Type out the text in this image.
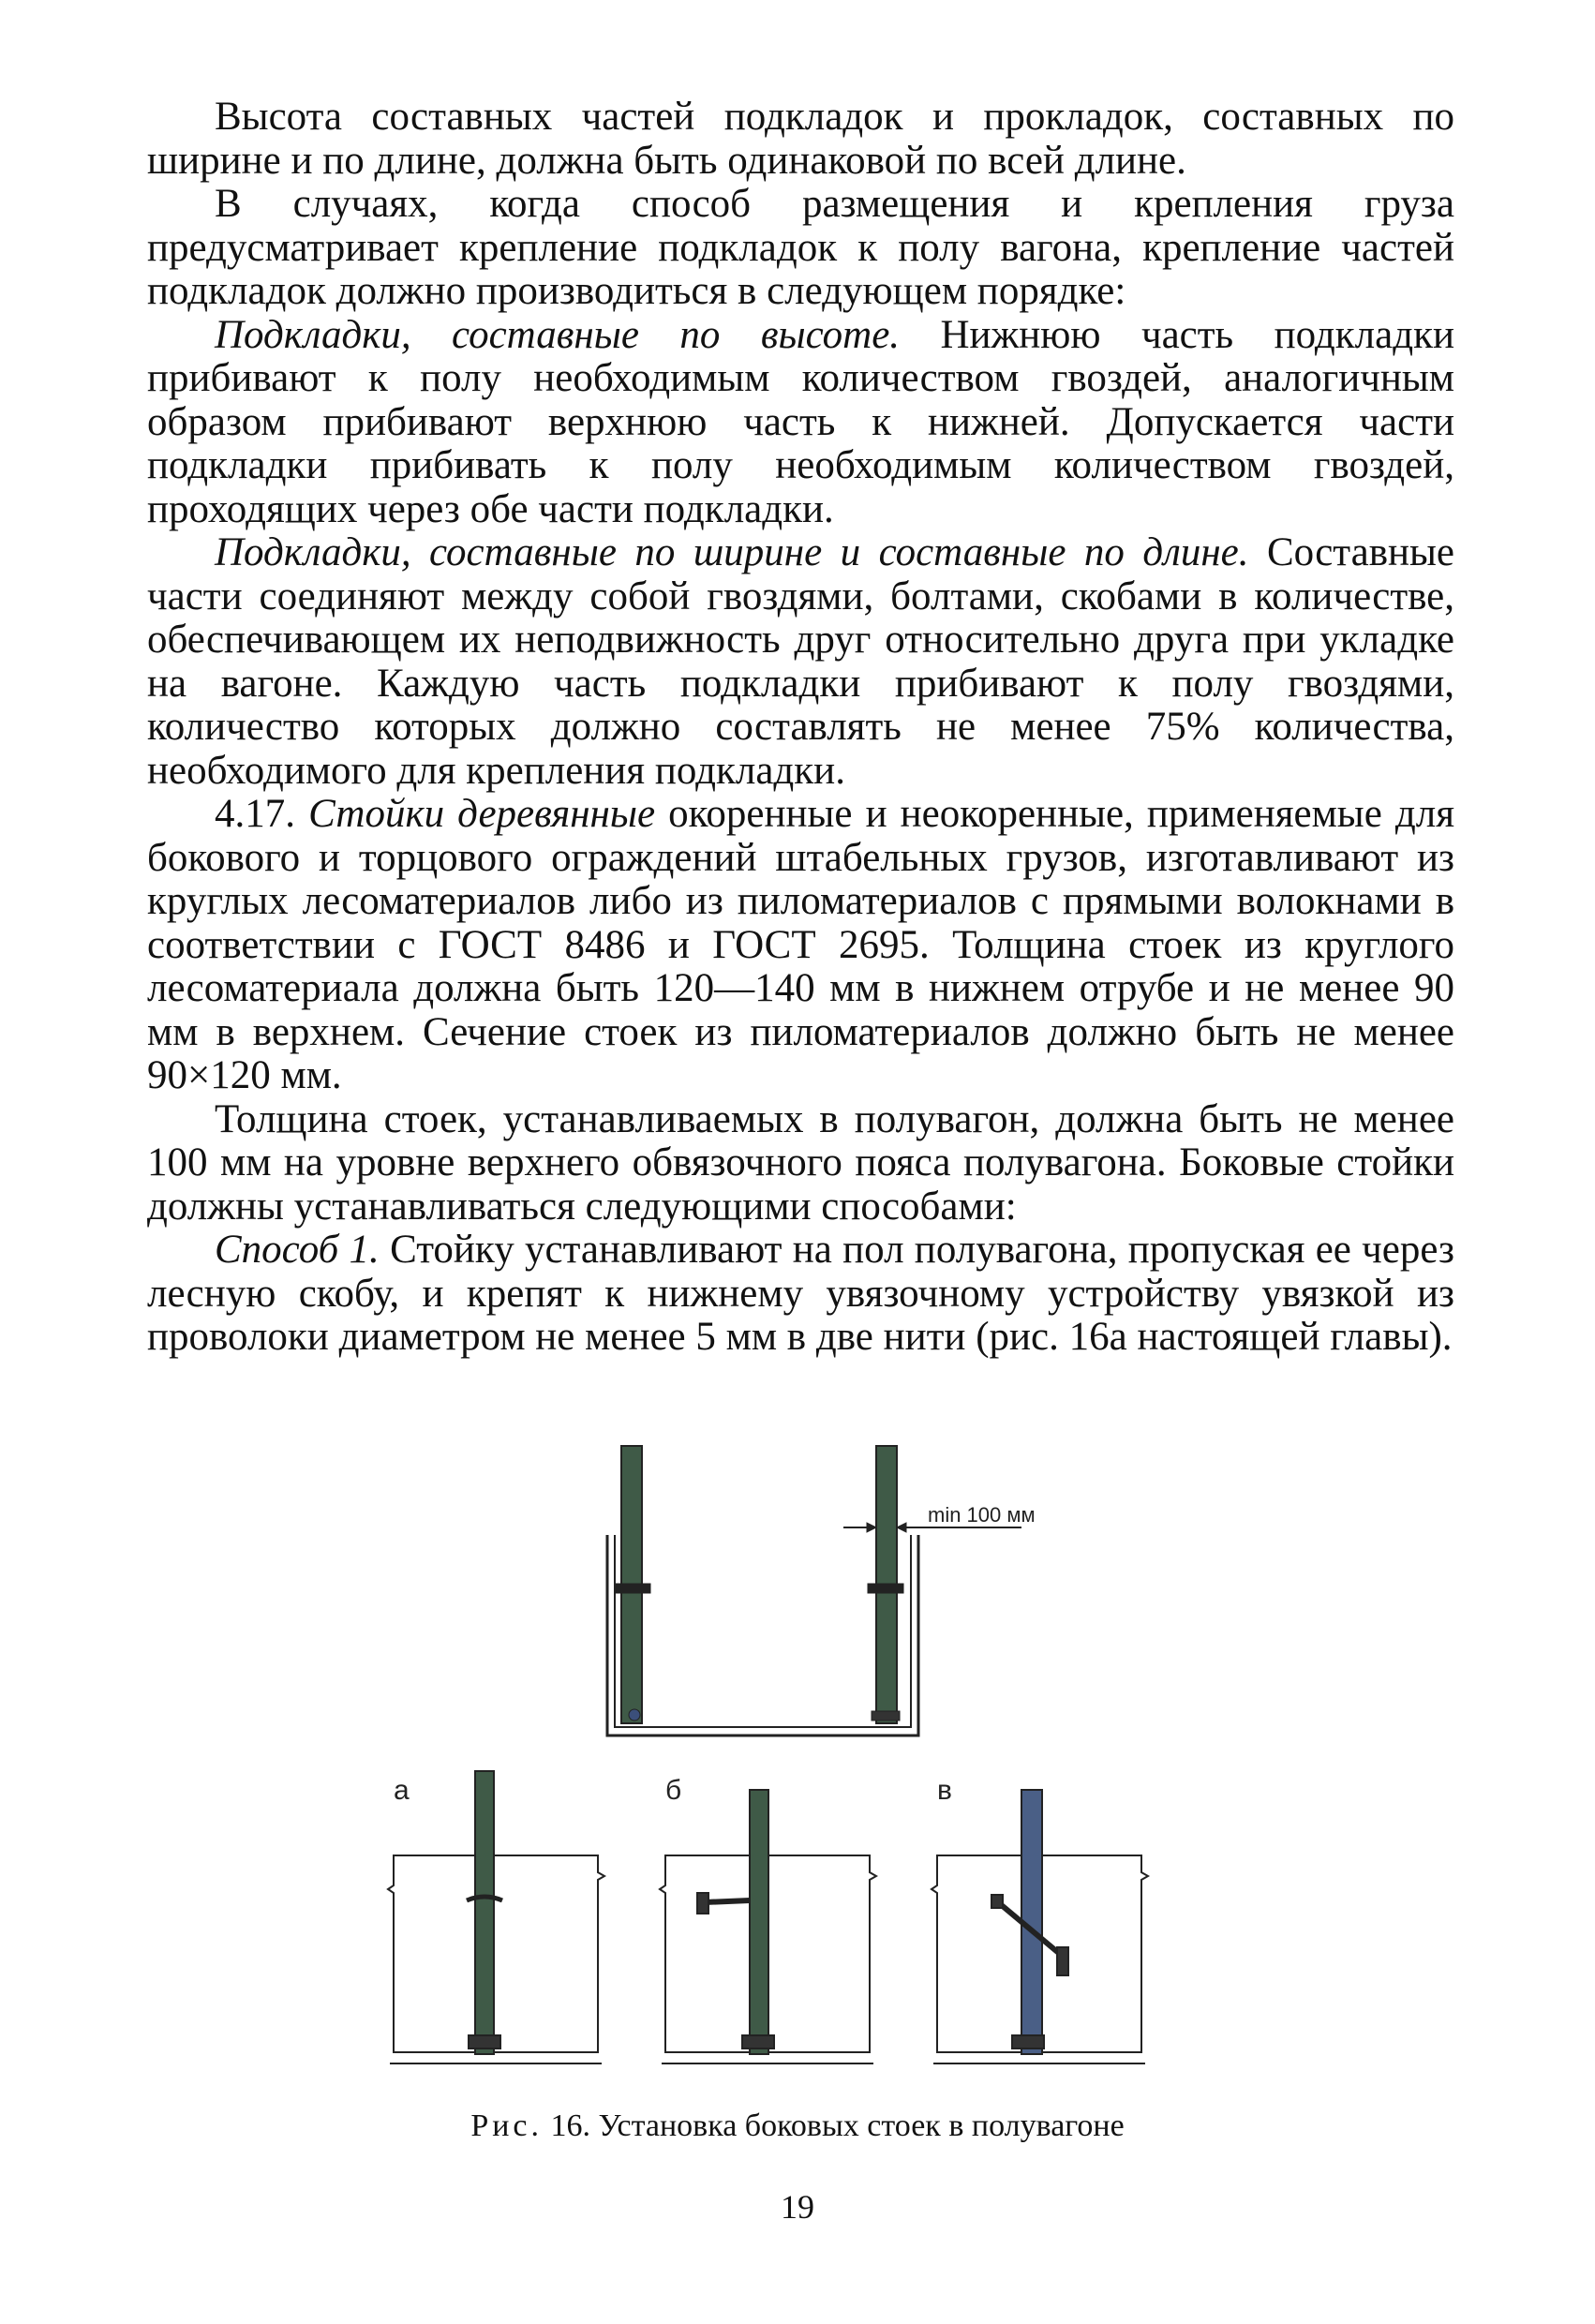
Высота составных частей подкладок и прокладок, составных по ширине и по длине, должна быть одинаковой по всей длине.

В случаях, когда способ размещения и крепления груза предусматривает крепление подкладок к полу вагона, крепление частей подкладок должно производиться в следующем порядке:

Подкладки, составные по высоте. Нижнюю часть подкладки прибивают к полу необходимым количеством гвоздей, аналогичным образом прибивают верхнюю часть к нижней. Допускается части подкладки прибивать к полу необходимым количеством гвоздей, проходящих через обе части подкладки.

Подкладки, составные по ширине и составные по длине. Составные части соединяют между собой гвоздями, болтами, скобами в количестве, обеспечивающем их неподвижность друг относительно друга при укладке на вагоне. Каждую часть подкладки прибивают к полу гвоздями, количество которых должно составлять не менее 75% количества, необходимого для крепления подкладки.

4.17. Стойки деревянные окоренные и неокоренные, применяемые для бокового и торцового ограждений штабельных грузов, изготавливают из круглых лесоматериалов либо из пиломатериалов с прямыми волокнами в соответствии с ГОСТ 8486 и ГОСТ 2695. Толщина стоек из круглого лесоматериала должна быть 120—140 мм в нижнем отрубе и не менее 90 мм в верхнем. Сечение стоек из пиломатериалов должно быть не менее 90×120 мм.

Толщина стоек, устанавливаемых в полувагон, должна быть не менее 100 мм на уровне верхнего обвязочного пояса полувагона. Боковые стойки должны устанавливаться следующими способами:

Способ 1. Стойку устанавливают на пол полувагона, пропуская ее через лесную скобу, и крепят к нижнему увязочному устройству увязкой из проволоки диаметром не менее 5 мм в две нити (рис. 16а настоящей главы).

min 100 мм
а	б	в
Рис. 16. Установка боковых стоек в полувагоне
19
